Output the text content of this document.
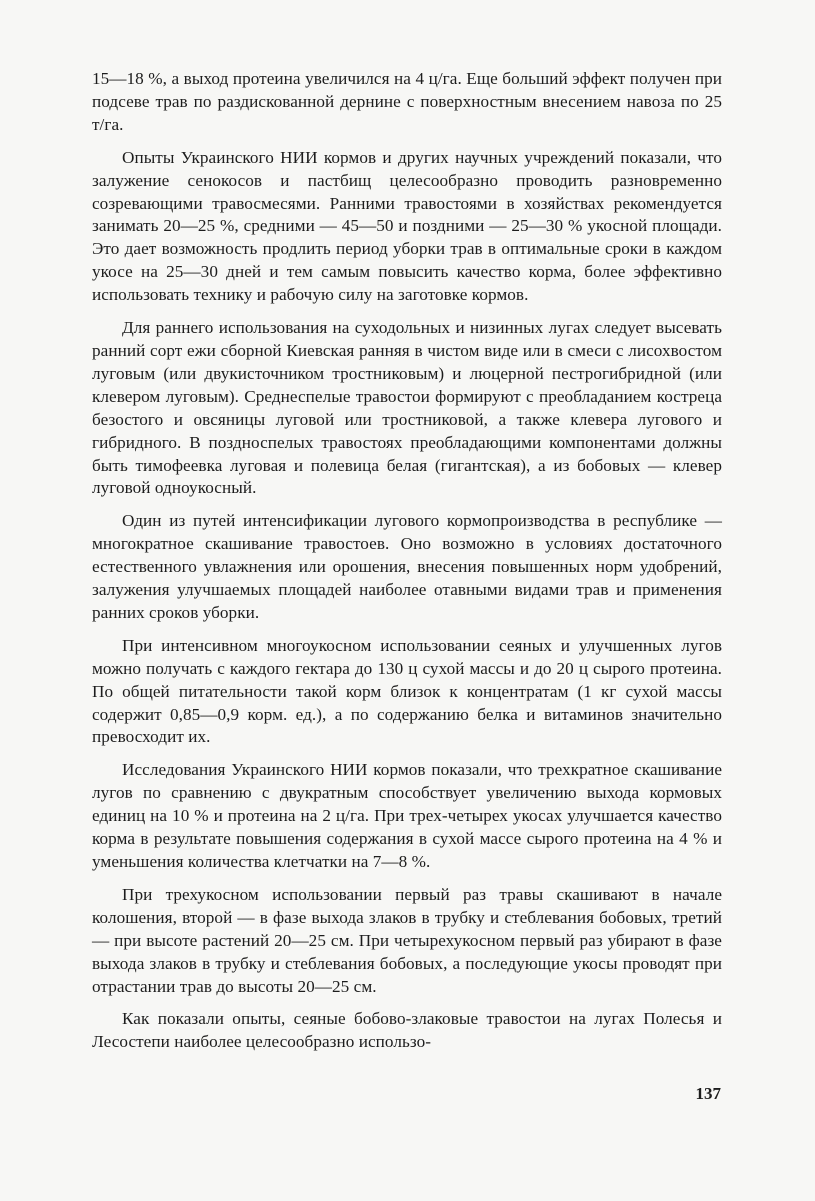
15—18 %, а выход протеина увеличился на 4 ц/га. Еще больший эффект получен при подсеве трав по раздискованной дернине с поверхностным внесением навоза по 25 т/га.

Опыты Украинского НИИ кормов и других научных учреждений показали, что залужение сенокосов и пастбищ целесообразно проводить разновременно созревающими травосмесями. Ранними травостоями в хозяйствах рекомендуется занимать 20—25 %, средними — 45—50 и поздними — 25—30 % укосной площади. Это дает возможность продлить период уборки трав в оптимальные сроки в каждом укосе на 25—30 дней и тем самым повысить качество корма, более эффективно использовать технику и рабочую силу на заготовке кормов.

Для раннего использования на суходольных и низинных лугах следует высевать ранний сорт ежи сборной Киевская ранняя в чистом виде или в смеси с лисохвостом луговым (или двукисточником тростниковым) и люцерной пестрогибридной (или клевером луговым). Среднеспелые травостои формируют с преобладанием костреца безостого и овсяницы луговой или тростниковой, а также клевера лугового и гибридного. В поздноспелых травостоях преобладающими компонентами должны быть тимофеевка луговая и полевица белая (гигантская), а из бобовых — клевер луговой одноукосный.

Один из путей интенсификации лугового кормопроизводства в республике — многократное скашивание травостоев. Оно возможно в условиях достаточного естественного увлажнения или орошения, внесения повышенных норм удобрений, залужения улучшаемых площадей наиболее отавными видами трав и применения ранних сроков уборки.

При интенсивном многоукосном использовании сеяных и улучшенных лугов можно получать с каждого гектара до 130 ц сухой массы и до 20 ц сырого протеина. По общей питательности такой корм близок к концентратам (1 кг сухой массы содержит 0,85—0,9 корм. ед.), а по содержанию белка и витаминов значительно превосходит их.

Исследования Украинского НИИ кормов показали, что трехкратное скашивание лугов по сравнению с двукратным способствует увеличению выхода кормовых единиц на 10 % и протеина на 2 ц/га. При трех-четырех укосах улучшается качество корма в результате повышения содержания в сухой массе сырого протеина на 4 % и уменьшения количества клетчатки на 7—8 %.

При трехукосном использовании первый раз травы скашивают в начале колошения, второй — в фазе выхода злаков в трубку и стеблевания бобовых, третий — при высоте растений 20—25 см. При четырехукосном первый раз убирают в фазе выхода злаков в трубку и стеблевания бобовых, а последующие укосы проводят при отрастании трав до высоты 20—25 см.

Как показали опыты, сеяные бобово-злаковые травостои на лугах Полесья и Лесостепи наиболее целесообразно использо-

137
